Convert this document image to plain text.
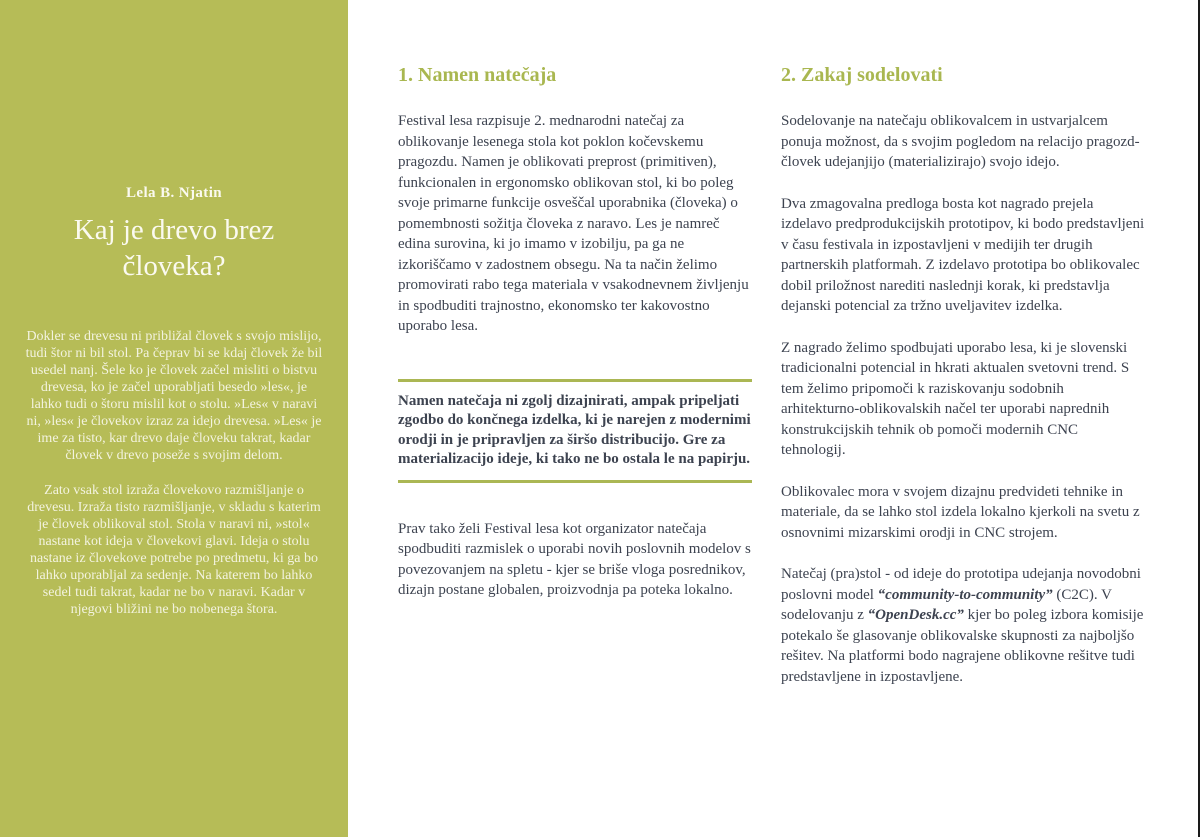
Lela B. Njatin
Kaj je drevo brez človeka?

Dokler se drevesu ni približal človek s svojo mislijo, tudi štor ni bil stol. Pa čeprav bi se kdaj človek že bil usedel nanj. Šele ko je človek začel misliti o bistvu drevesa, ko je začel uporabljati besedo »les«, je lahko tudi o štoru mislil kot o stolu. »Les« v naravi ni, »les« je človekov izraz za idejo drevesa. »Les« je ime za tisto, kar drevo daje človeku takrat, kadar človek v drevo poseže s svojim delom.

Zato vsak stol izraža človekovo razmišljanje o drevesu. Izraža tisto razmišljanje, v skladu s katerim je človek oblikoval stol. Stola v naravi ni, »stol« nastane kot ideja v človekovi glavi. Ideja o stolu nastane iz človekove potrebe po predmetu, ki ga bo lahko uporabljal za sedenje. Na katerem bo lahko sedel tudi takrat, kadar ne bo v naravi. Kadar v njegovi bližini ne bo nobenega štora.

1. Namen natečaja

Festival lesa razpisuje 2. mednarodni natečaj za oblikovanje lesenega stola kot poklon kočevskemu pragozdu. Namen je oblikovati preprost (primitiven), funkcionalen in ergonomsko oblikovan stol, ki bo poleg svoje primarne funkcije osveščal uporabnika (človeka) o pomembnosti sožitja človeka z naravo. Les je namreč edina surovina, ki jo imamo v izobilju, pa ga ne izkoriščamo v zadostnem obsegu. Na ta način želimo promovirati rabo tega materiala v vsakodnevnem življenju in spodbuditi trajnostno, ekonomsko ter kakovostno uporabo lesa.

Namen natečaja ni zgolj dizajnirati, ampak pripeljati zgodbo do končnega izdelka, ki je narejen z modernimi orodji in je pripravljen za širšo distribucijo. Gre za materializacijo ideje, ki tako ne bo ostala le na papirju.

Prav tako želi Festival lesa kot organizator natečaja spodbuditi razmislek o uporabi novih poslovnih modelov s povezovanjem na spletu - kjer se briše vloga posrednikov, dizajn postane globalen, proizvodnja pa poteka lokalno.

2. Zakaj sodelovati

Sodelovanje na natečaju oblikovalcem in ustvarjalcem ponuja možnost, da s svojim pogledom na relacijo pragozd-človek udejanjijo (materializirajo) svojo idejo.

Dva zmagovalna predloga bosta kot nagrado prejela izdelavo predprodukcijskih prototipov, ki bodo predstavljeni v času festivala in izpostavljeni v medijih ter drugih partnerskih platformah. Z izdelavo prototipa bo oblikovalec dobil priložnost narediti naslednji korak, ki predstavlja dejanski potencial za tržno uveljavitev izdelka.

Z nagrado želimo spodbujati uporabo lesa, ki je slovenski tradicionalni potencial in hkrati aktualen svetovni trend. S tem želimo pripomoči k raziskovanju sodobnih arhitekturno-oblikovalskih načel ter uporabi naprednih konstrukcijskih tehnik ob pomoči modernih CNC tehnologij.

Oblikovalec mora v svojem dizajnu predvideti tehnike in materiale, da se lahko stol izdela lokalno kjerkoli na svetu z osnovnimi mizarskimi orodji in CNC strojem.

Natečaj (pra)stol - od ideje do prototipa udejanja novodobni poslovni model “community-to-community” (C2C). V sodelovanju z “OpenDesk.cc” kjer bo poleg izbora komisije potekalo še glasovanje oblikovalske skupnosti za najboljšo rešitev. Na platformi bodo nagrajene oblikovne rešitve tudi predstavljene in izpostavljene.
